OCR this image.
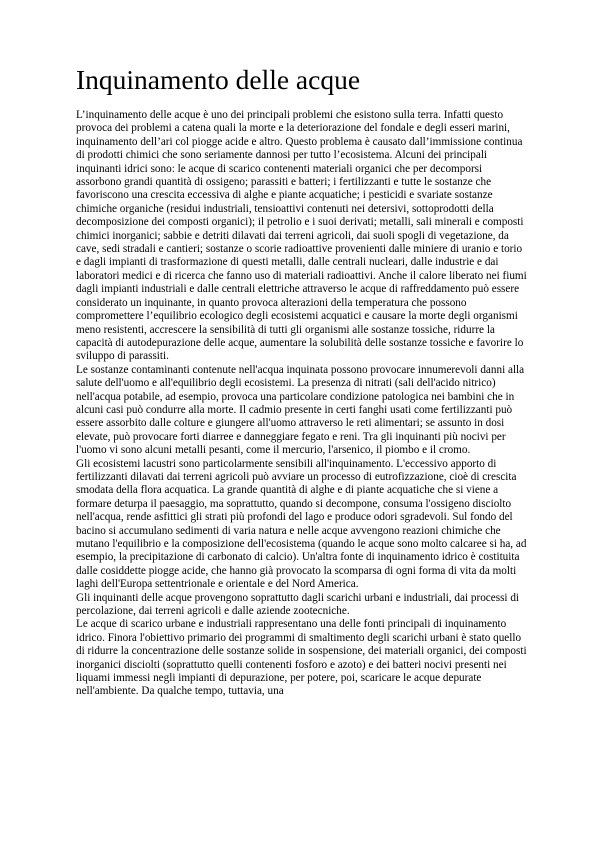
Inquinamento delle acque

L’inquinamento delle acque è uno dei principali problemi che esistono sulla terra. Infatti questo provoca dei problemi a catena quali la morte e la deteriorazione del fondale e degli esseri marini, inquinamento dell’ari col piogge acide e altro. Questo problema è causato dall’immissione continua di prodotti chimici che sono seriamente dannosi per tutto l’ecosistema. Alcuni dei principali inquinanti idrici sono: le acque di scarico contenenti materiali organici che per decomporsi assorbono grandi quantità di ossigeno; parassiti e batteri; i fertilizzanti e tutte le sostanze che favoriscono una crescita eccessiva di alghe e piante acquatiche; i pesticidi e svariate sostanze chimiche organiche (residui industriali, tensioattivi contenuti nei detersivi, sottoprodotti della decomposizione dei composti organici); il petrolio e i suoi derivati; metalli, sali minerali e composti chimici inorganici; sabbie e detriti dilavati dai terreni agricoli, dai suoli spogli di vegetazione, da cave, sedi stradali e cantieri; sostanze o scorie radioattive provenienti dalle miniere di uranio e torio e dagli impianti di trasformazione di questi metalli, dalle centrali nucleari, dalle industrie e dai laboratori medici e di ricerca che fanno uso di materiali radioattivi. Anche il calore liberato nei fiumi dagli impianti industriali e dalle centrali elettriche attraverso le acque di raffreddamento può essere considerato un inquinante, in quanto provoca alterazioni della temperatura che possono compromettere l’equilibrio ecologico degli ecosistemi acquatici e causare la morte degli organismi meno resistenti, accrescere la sensibilità di tutti gli organismi alle sostanze tossiche, ridurre la capacità di autodepurazione delle acque, aumentare la solubilità delle sostanze tossiche e favorire lo sviluppo di parassiti.

Le sostanze contaminanti contenute nell'acqua inquinata possono provocare innumerevoli danni alla salute dell'uomo e all'equilibrio degli ecosistemi. La presenza di nitrati (sali dell'acido nitrico) nell'acqua potabile, ad esempio, provoca una particolare condizione patologica nei bambini che in alcuni casi può condurre alla morte. Il cadmio presente in certi fanghi usati come fertilizzanti può essere assorbito dalle colture e giungere all'uomo attraverso le reti alimentari; se assunto in dosi elevate, può provocare forti diarree e danneggiare fegato e reni. Tra gli inquinanti più nocivi per l'uomo vi sono alcuni metalli pesanti, come il mercurio, l'arsenico, il piombo e il cromo.

Gli ecosistemi lacustri sono particolarmente sensibili all'inquinamento. L'eccessivo apporto di fertilizzanti dilavati dai terreni agricoli può avviare un processo di eutrofizzazione, cioè di crescita smodata della flora acquatica. La grande quantità di alghe e di piante acquatiche che si viene a formare deturpa il paesaggio, ma soprattutto, quando si decompone, consuma l'ossigeno disciolto nell'acqua, rende asfittici gli strati più profondi del lago e produce odori sgradevoli. Sul fondo del bacino si accumulano sedimenti di varia natura e nelle acque avvengono reazioni chimiche che mutano l'equilibrio e la composizione dell'ecosistema (quando le acque sono molto calcaree si ha, ad esempio, la precipitazione di carbonato di calcio). Un'altra fonte di inquinamento idrico è costituita dalle cosiddette piogge acide, che hanno già provocato la scomparsa di ogni forma di vita da molti laghi dell'Europa settentrionale e orientale e del Nord America.

Gli inquinanti delle acque provengono soprattutto dagli scarichi urbani e industriali, dai processi di percolazione, dai terreni agricoli e dalle aziende zootecniche.

Le acque di scarico urbane e industriali rappresentano una delle fonti principali di inquinamento idrico. Finora l'obiettivo primario dei programmi di smaltimento degli scarichi urbani è stato quello di ridurre la concentrazione delle sostanze solide in sospensione, dei materiali organici, dei composti inorganici disciolti (soprattutto quelli contenenti fosforo e azoto) e dei batteri nocivi presenti nei liquami immessi negli impianti di depurazione, per potere, poi, scaricare le acque depurate nell'ambiente. Da qualche tempo, tuttavia, una
